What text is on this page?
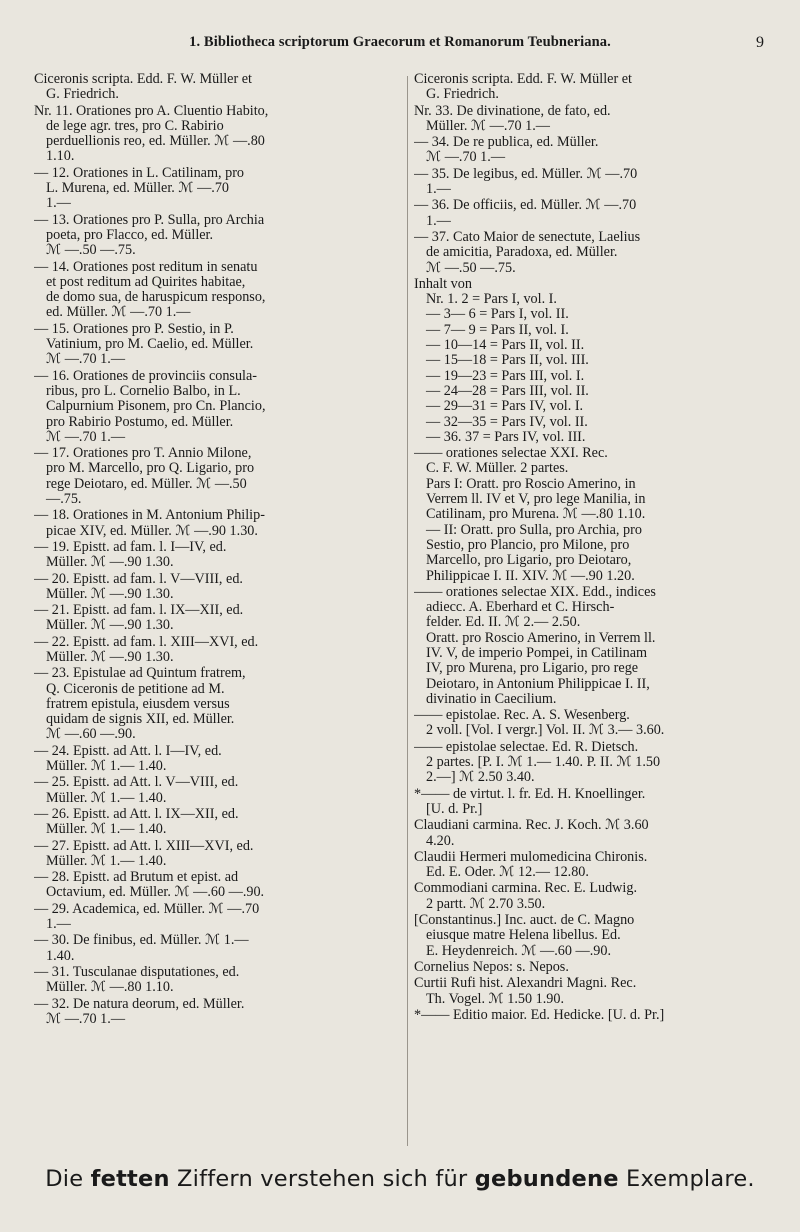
1. Bibliotheca scriptorum Graecorum et Romanorum Teubneriana.	9
Ciceronis scripta. Edd. F. W. Müller et
G. Friedrich.
Nr. 11. Orationes pro A. Cluentio Habito,
de lege agr. tres, pro C. Rabirio
perduellionis reo, ed. Müller. ℳ —.80
1.10.
— 12. Orationes in L. Catilinam, pro
L. Murena, ed. Müller. ℳ —.70
1.—
— 13. Orationes pro P. Sulla, pro Archia
poeta, pro Flacco, ed. Müller.
ℳ —.50 —.75.
— 14. Orationes post reditum in senatu
et post reditum ad Quirites habitae,
de domo sua, de haruspicum responso,
ed. Müller. ℳ —.70 1.—
— 15. Orationes pro P. Sestio, in P.
Vatinium, pro M. Caelio, ed. Müller.
ℳ —.70 1.—
— 16. Orationes de provinciis consula-
ribus, pro L. Cornelio Balbo, in L.
Calpurnium Pisonem, pro Cn. Plancio,
pro Rabirio Postumo, ed. Müller.
ℳ —.70 1.—
— 17. Orationes pro T. Annio Milone,
pro M. Marcello, pro Q. Ligario, pro
rege Deiotaro, ed. Müller. ℳ —.50
—.75.
— 18. Orationes in M. Antonium Philip-
picae XIV, ed. Müller. ℳ —.90 1.30.
— 19. Epistt. ad fam. l. I—IV, ed.
Müller. ℳ —.90 1.30.
— 20. Epistt. ad fam. l. V—VIII, ed.
Müller. ℳ —.90 1.30.
— 21. Epistt. ad fam. l. IX—XII, ed.
Müller. ℳ —.90 1.30.
— 22. Epistt. ad fam. l. XIII—XVI, ed.
Müller. ℳ —.90 1.30.
— 23. Epistulae ad Quintum fratrem,
Q. Ciceronis de petitione ad M.
fratrem epistula, eiusdem versus
quidam de signis XII, ed. Müller.
ℳ —.60 —.90.
— 24. Epistt. ad Att. l. I—IV, ed.
Müller. ℳ 1.— 1.40.
— 25. Epistt. ad Att. l. V—VIII, ed.
Müller. ℳ 1.— 1.40.
— 26. Epistt. ad Att. l. IX—XII, ed.
Müller. ℳ 1.— 1.40.
— 27. Epistt. ad Att. l. XIII—XVI, ed.
Müller. ℳ 1.— 1.40.
— 28. Epistt. ad Brutum et epist. ad
Octavium, ed. Müller. ℳ —.60 —.90.
— 29. Academica, ed. Müller. ℳ —.70
1.—
— 30. De finibus, ed. Müller. ℳ 1.—
1.40.
— 31. Tusculanae disputationes, ed.
Müller. ℳ —.80 1.10.
— 32. De natura deorum, ed. Müller.
ℳ —.70 1.—
Ciceronis scripta. Edd. F. W. Müller et
G. Friedrich.
Nr. 33. De divinatione, de fato, ed.
Müller. ℳ —.70 1.—
— 34. De re publica, ed. Müller.
ℳ —.70 1.—
— 35. De legibus, ed. Müller. ℳ —.70
1.—
— 36. De officiis, ed. Müller. ℳ —.70
1.—
— 37. Cato Maior de senectute, Laelius
de amicitia, Paradoxa, ed. Müller.
ℳ —.50 —.75.
Inhalt von
Nr. 1. 2 = Pars I, vol. I.
— 3— 6 = Pars I, vol. II.
— 7— 9 = Pars II, vol. I.
— 10—14 = Pars II, vol. II.
— 15—18 = Pars II, vol. III.
— 19—23 = Pars III, vol. I.
— 24—28 = Pars III, vol. II.
— 29—31 = Pars IV, vol. I.
— 32—35 = Pars IV, vol. II.
— 36. 37 = Pars IV, vol. III.
—— orationes selectae XXI. Rec.
C. F. W. Müller. 2 partes.
Pars I: Oratt. pro Roscio Amerino, in
Verrem ll. IV et V, pro lege Manilia, in
Catilinam, pro Murena. ℳ —.80 1.10.
— II: Oratt. pro Sulla, pro Archia, pro
Sestio, pro Plancio, pro Milone, pro
Marcello, pro Ligario, pro Deiotaro,
Philippicae I. II. XIV. ℳ —.90 1.20.
—— orationes selectae XIX. Edd., indices
adiecc. A. Eberhard et C. Hirsch-
felder. Ed. II. ℳ 2.— 2.50.
Oratt. pro Roscio Amerino, in Verrem ll.
IV. V, de imperio Pompei, in Catilinam
IV, pro Murena, pro Ligario, pro rege
Deiotaro, in Antonium Philippicae I. II,
divinatio in Caecilium.
—— epistolae. Rec. A. S. Wesenberg.
2 voll. [Vol. I vergr.] Vol. II. ℳ 3.— 3.60.
—— epistolae selectae. Ed. R. Dietsch.
2 partes. [P. I. ℳ 1.— 1.40. P. II. ℳ 1.50
2.—] ℳ 2.50 3.40.
*—— de virtut. l. fr. Ed. H. Knoellinger.
[U. d. Pr.]
Claudiani carmina. Rec. J. Koch. ℳ 3.60
4.20.
Claudii Hermeri mulomedicina Chironis.
Ed. E. Oder. ℳ 12.— 12.80.
Commodiani carmina. Rec. E. Ludwig.
2 partt. ℳ 2.70 3.50.
[Constantinus.] Inc. auct. de C. Magno
eiusque matre Helena libellus. Ed.
E. Heydenreich. ℳ —.60 —.90.
Cornelius Nepos: s. Nepos.
Curtii Rufi hist. Alexandri Magni. Rec.
Th. Vogel. ℳ 1.50 1.90.
*—— Editio maior. Ed. Hedicke. [U. d. Pr.]
Die fetten Ziffern verstehen sich für gebundene Exemplare.
